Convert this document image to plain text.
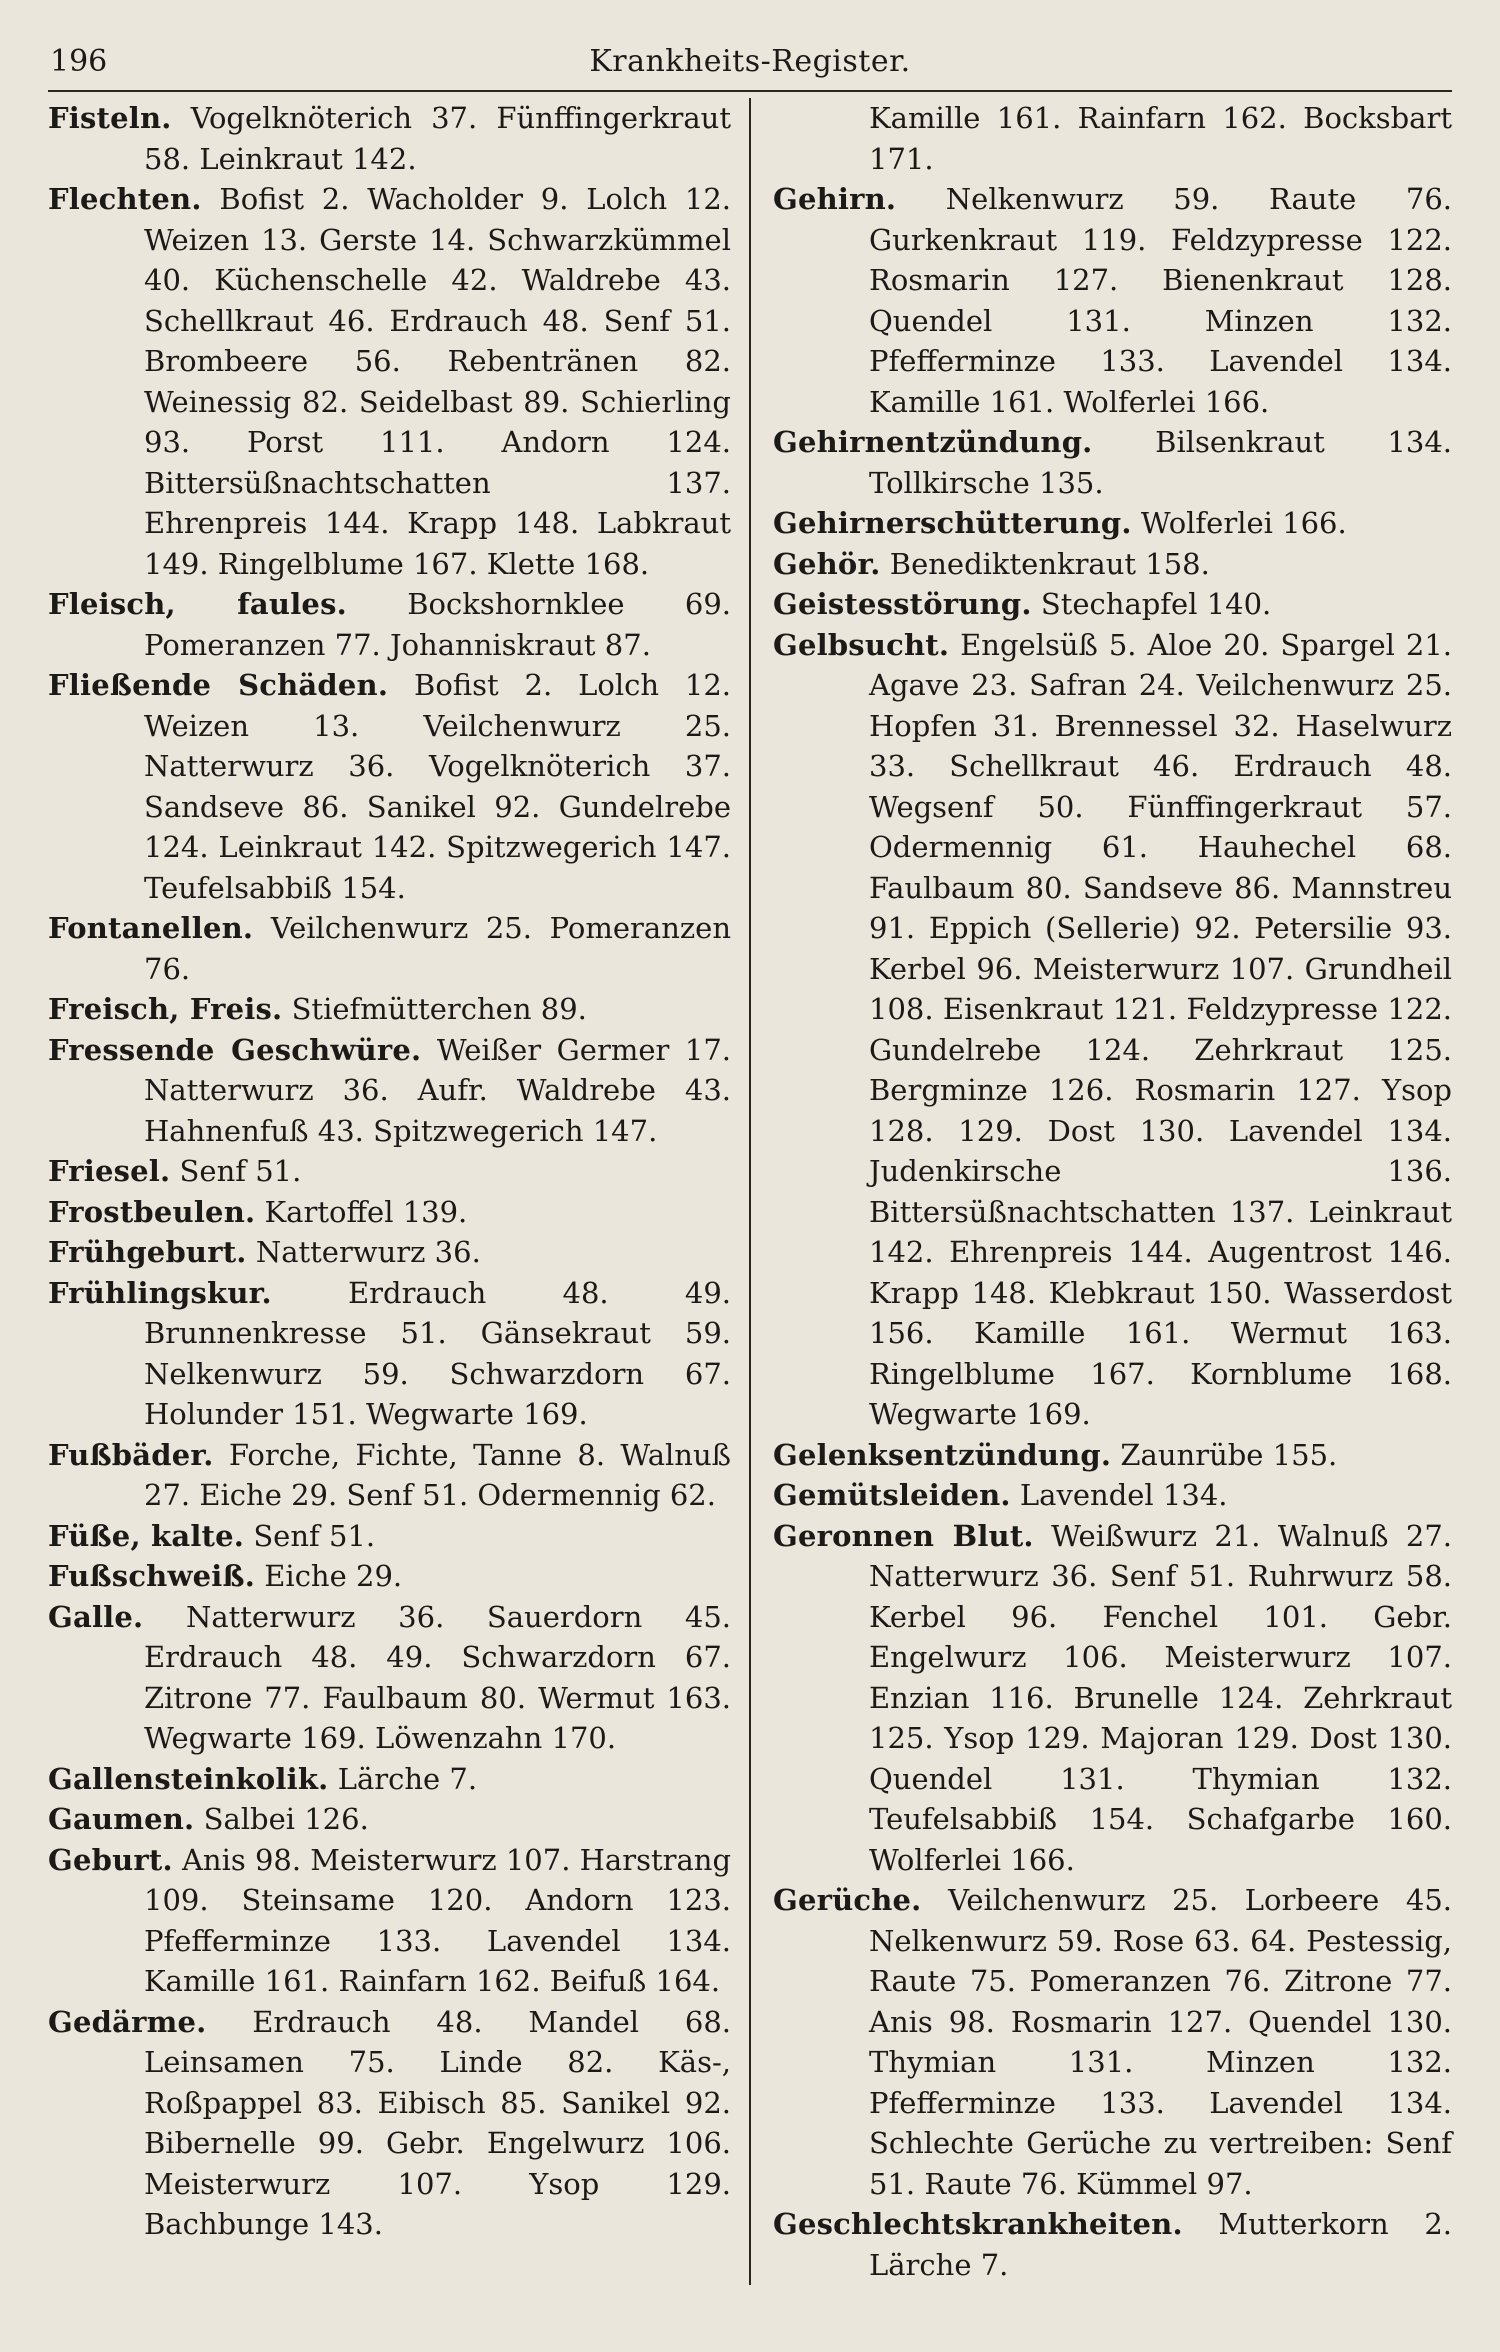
196	Krankheits-Register.

Fisteln. Vogelknöterich 37. Fünffingerkraut 58. Leinkraut 142.

Flechten. Bofist 2. Wacholder 9. Lolch 12. Weizen 13. Gerste 14. Schwarzkümmel 40. Küchenschelle 42. Waldrebe 43. Schellkraut 46. Erdrauch 48. Senf 51. Brombeere 56. Rebentränen 82. Weinessig 82. Seidelbast 89. Schierling 93. Porst 111. Andorn 124. Bittersüßnachtschatten 137. Ehrenpreis 144. Krapp 148. Labkraut 149. Ringelblume 167. Klette 168.

Fleisch, faules. Bockshornklee 69. Pomeranzen 77. Johanniskraut 87.

Fließende Schäden. Bofist 2. Lolch 12. Weizen 13. Veilchenwurz 25. Natterwurz 36. Vogelknöterich 37. Sandseve 86. Sanikel 92. Gundelrebe 124. Leinkraut 142. Spitzwegerich 147. Teufelsabbiß 154.

Fontanellen. Veilchenwurz 25. Pomeranzen 76.

Freisch, Freis. Stiefmütterchen 89.

Fressende Geschwüre. Weißer Germer 17. Natterwurz 36. Aufr. Waldrebe 43. Hahnenfuß 43. Spitzwegerich 147.

Friesel. Senf 51.

Frostbeulen. Kartoffel 139.

Frühgeburt. Natterwurz 36.

Frühlingskur.	Erdrauch 48. 49. Brunnenkresse 51. Gänsekraut 59. Nelkenwurz 59. Schwarzdorn 67. Holunder 151. Wegwarte 169.

Fußbäder. Forche, Fichte, Tanne 8. Walnuß 27. Eiche 29. Senf 51. Odermennig 62.

Füße, kalte. Senf 51.

Fußschweiß. Eiche 29.

Galle. Natterwurz 36. Sauerdorn 45. Erdrauch 48. 49. Schwarzdorn 67. Zitrone 77. Faulbaum 80. Wermut 163. Wegwarte 169. Löwenzahn 170.

Gallensteinkolik. Lärche 7.

Gaumen. Salbei 126.

Geburt. Anis 98. Meisterwurz 107. Harstrang 109. Steinsame 120. Andorn 123. Pfefferminze 133. Lavendel 134. Kamille 161. Rainfarn 162. Beifuß 164.

Gedärme. Erdrauch 48. Mandel 68. Leinsamen 75. Linde 82. Käs-, Roßpappel 83. Eibisch 85. Sanikel 92. Bibernelle 99. Gebr. Engelwurz 106. Meisterwurz 107. Ysop 129. Bachbunge 143.

Kamille 161. Rainfarn 162. Bocksbart 171.

Gehirn. Nelkenwurz 59. Raute 76. Gurkenkraut 119. Feldzypresse 122. Rosmarin 127. Bienenkraut 128. Quendel 131. Minzen 132. Pfefferminze 133. Lavendel 134. Kamille 161. Wolferlei 166.

Gehirnentzündung. Bilsenkraut 134. Tollkirsche 135.

Gehirnerschütterung. Wolferlei 166.

Gehör. Benediktenkraut 158.

Geistesstörung. Stechapfel 140.

Gelbsucht. Engelsüß 5. Aloe 20. Spargel 21. Agave 23. Safran 24. Veilchenwurz 25. Hopfen 31. Brennessel 32. Haselwurz 33. Schellkraut 46. Erdrauch 48. Wegsenf 50. Fünffingerkraut 57. Odermennig 61. Hauhechel 68. Faulbaum 80. Sandseve 86. Mannstreu 91. Eppich (Sellerie) 92. Petersilie 93. Kerbel 96. Meisterwurz 107. Grundheil 108. Eisenkraut 121. Feldzypresse 122. Gundelrebe 124. Zehrkraut 125. Bergminze 126. Rosmarin 127. Ysop 128. 129. Dost 130. Lavendel 134. Judenkirsche 136. Bittersüßnachtschatten 137. Leinkraut 142. Ehrenpreis 144. Augentrost 146. Krapp 148. Klebkraut 150. Wasserdost 156. Kamille 161. Wermut 163. Ringelblume 167. Kornblume 168. Wegwarte 169.

Gelenksentzündung. Zaunrübe 155.

Gemütsleiden. Lavendel 134.

Geronnen Blut. Weißwurz 21. Walnuß 27. Natterwurz 36. Senf 51. Ruhrwurz 58. Kerbel 96. Fenchel 101. Gebr. Engelwurz 106. Meisterwurz 107. Enzian 116. Brunelle 124. Zehrkraut 125. Ysop 129. Majoran 129. Dost 130. Quendel 131. Thymian 132. Teufelsabbiß 154. Schafgarbe 160. Wolferlei 166.

Gerüche. Veilchenwurz 25. Lorbeere 45. Nelkenwurz 59. Rose 63. 64. Pestessig, Raute 75. Pomeranzen 76. Zitrone 77. Anis 98. Rosmarin 127. Quendel 130. Thymian 131. Minzen 132. Pfefferminze 133. Lavendel 134. Schlechte Gerüche zu vertreiben: Senf 51. Raute 76. Kümmel 97.

Geschlechtskrankheiten. Mutterkorn 2. Lärche 7.
